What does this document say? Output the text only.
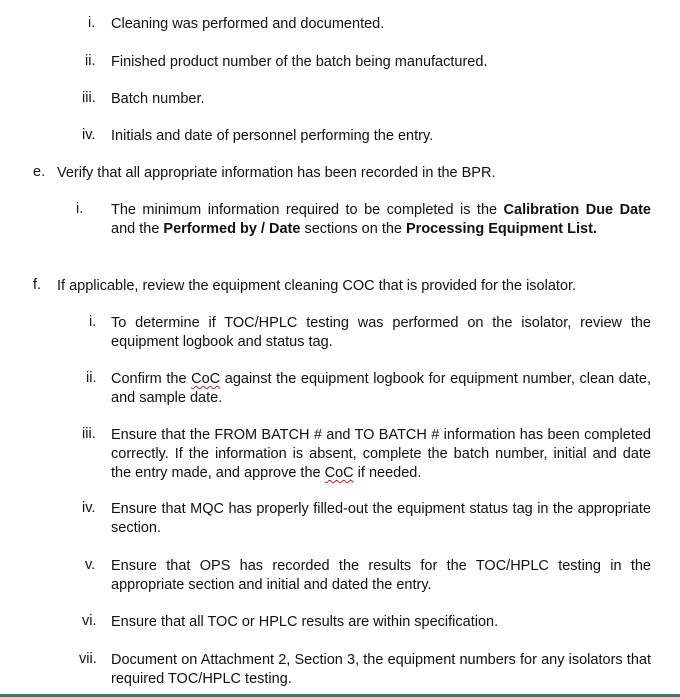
i. Cleaning was performed and documented.
ii. Finished product number of the batch being manufactured.
iii. Batch number.
iv. Initials and date of personnel performing the entry.
e. Verify that all appropriate information has been recorded in the BPR.
i. The minimum information required to be completed is the Calibration Due Date and the Performed by / Date sections on the Processing Equipment List.
f. If applicable, review the equipment cleaning COC that is provided for the isolator.
i. To determine if TOC/HPLC testing was performed on the isolator, review the equipment logbook and status tag.
ii. Confirm the CoC against the equipment logbook for equipment number, clean date, and sample date.
iii. Ensure that the FROM BATCH # and TO BATCH # information has been completed correctly. If the information is absent, complete the batch number, initial and date the entry made, and approve the CoC if needed.
iv. Ensure that MQC has properly filled-out the equipment status tag in the appropriate section.
v. Ensure that OPS has recorded the results for the TOC/HPLC testing in the appropriate section and initial and dated the entry.
vi. Ensure that all TOC or HPLC results are within specification.
vii. Document on Attachment 2, Section 3, the equipment numbers for any isolators that required TOC/HPLC testing.
